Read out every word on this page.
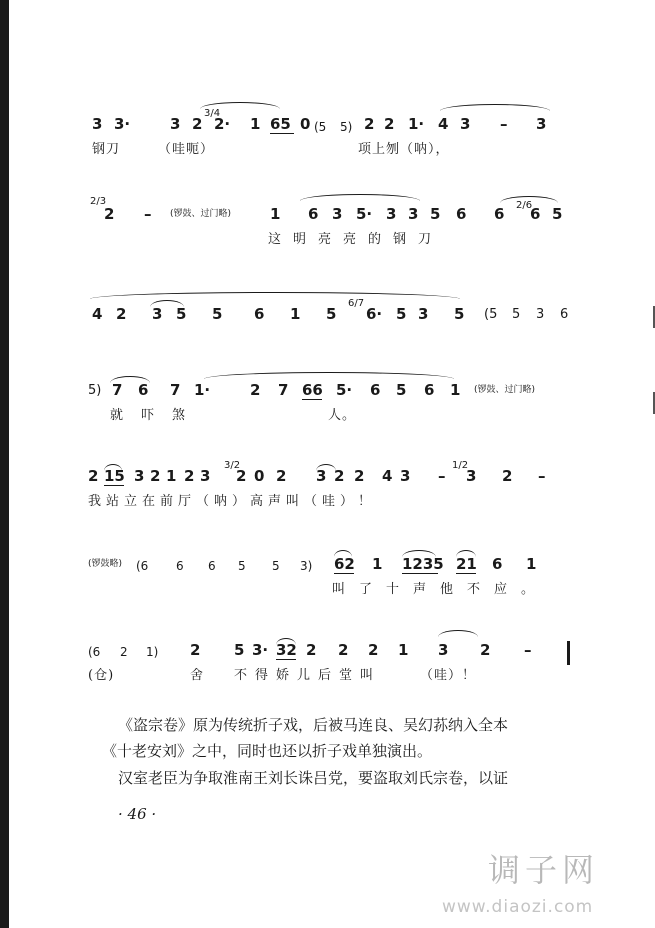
3 3·	3 2
3/4
2· 1 65 0 (5 5) 2 2 1· 4 3 – 3
钢刀	（哇呃）	项上刎（呐），
2/3
2 – (锣鼓、过门略)	1 6 3 5· 3 3 5 6 6 2/6
6 5
这明亮亮的钢刀
4 2 3 5 5 6 1 5
6/7
6· 5 3 5 (5 5 3 6
5) 7 6 7 1·	2 7 66 5· 6 5 6 1 (锣鼓、过门略)
就吓煞	人。
2 15 3 2 1 2 3
3/2
2 0 2 3 2 2 4 3 –
1/2
3 2 –
我站立在前厅（呐）高声叫（哇）！
(锣鼓略) (6 6 6 5 5 3) 62 1 1235 21 6 1
叫了十声他不应。
(6 2 1) 2 5 3· 32 2 2 2 1 3 2 –
(仓)	舍 不得娇儿后堂叫	（哇）！
《盗宗卷》原为传统折子戏，后被马连良、吴幻荪纳入全本
《十老安刘》之中，同时也还以折子戏单独演出。
汉室老臣为争取淮南王刘长诛吕党，要盗取刘氏宗卷，以证
· 46 ·
调子网
www.diaozi.com
